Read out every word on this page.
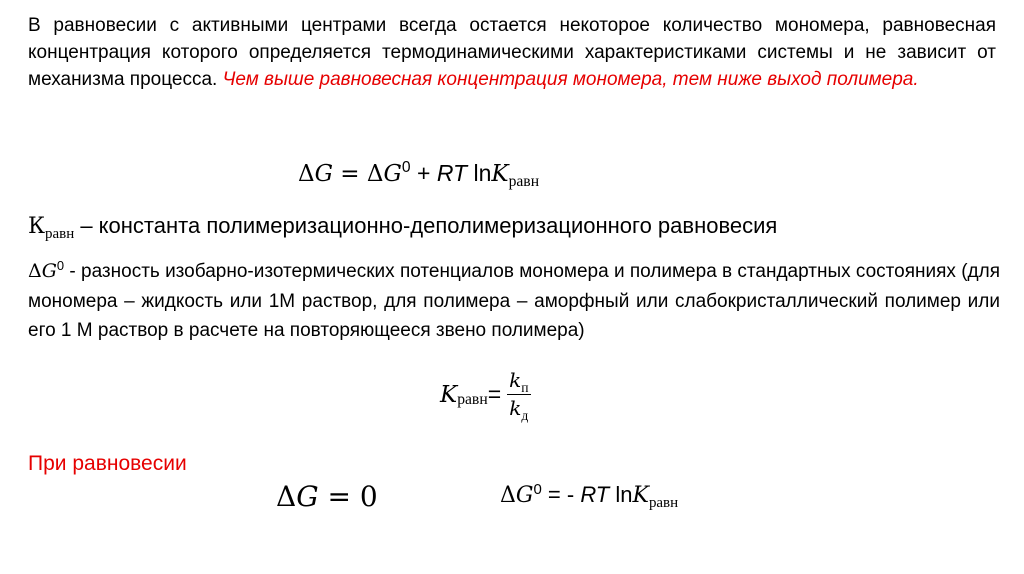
В равновесии с активными центрами всегда остается некоторое количество мономера, равновесная концентрация которого определяется термодинамическими характеристиками системы и не зависит от механизма процесса. Чем выше равновесная концентрация мономера, тем ниже выход полимера.

$\Delta G = \Delta G^0$ + RT lnK$_{равн}$
$К_{равн}$ – константа полимеризационно-деполимеризационного равновесия

$\Delta G^0$ - разность изобарно-изотермических потенциалов мономера и полимера в стандартных состояниях (для мономера – жидкость или 1М раствор, для полимера – аморфный или слабокристаллический полимер или его 1 М раствор в расчете на повторяющееся звено полимера)

K равн = $\frac{k_п}{k_д}$
При равновесии
ΔG = 0	$\Delta G^0$ = - RT lnK$_{равн}$
